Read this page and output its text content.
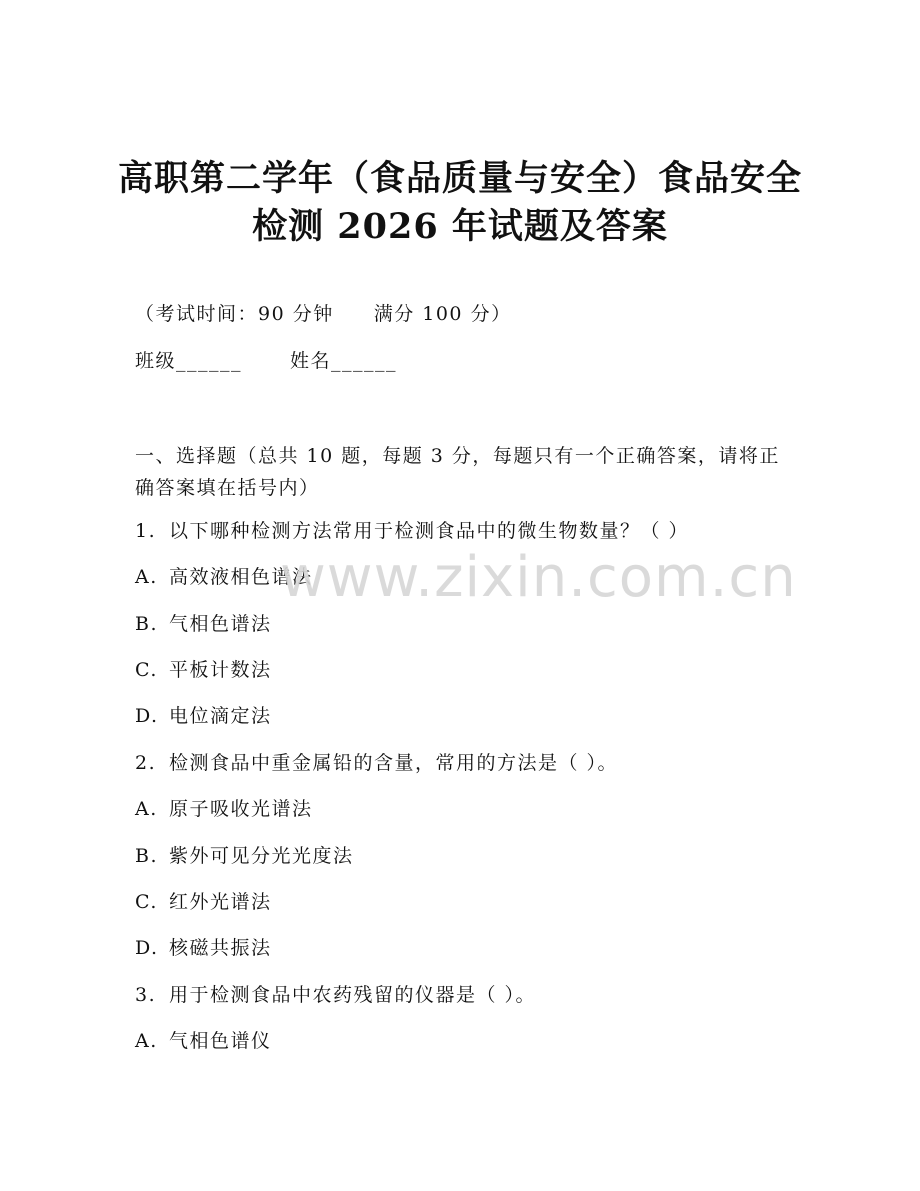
高职第二学年（食品质量与安全）食品安全
检测 2026 年试题及答案
（考试时间：90 分钟 满分 100 分）
班级______	姓名______
一、选择题（总共 10 题，每题 3 分，每题只有一个正确答案，请将正
确答案填在括号内）
1. 以下哪种检测方法常用于检测食品中的微生物数量？（ ）
A. 高效液相色谱法
B. 气相色谱法
C. 平板计数法
D. 电位滴定法
2. 检测食品中重金属铅的含量，常用的方法是（ ）。
A. 原子吸收光谱法
B. 紫外可见分光光度法
C. 红外光谱法
D. 核磁共振法
3. 用于检测食品中农药残留的仪器是（ ）。
A. 气相色谱仪
www.zixin.com.cn
